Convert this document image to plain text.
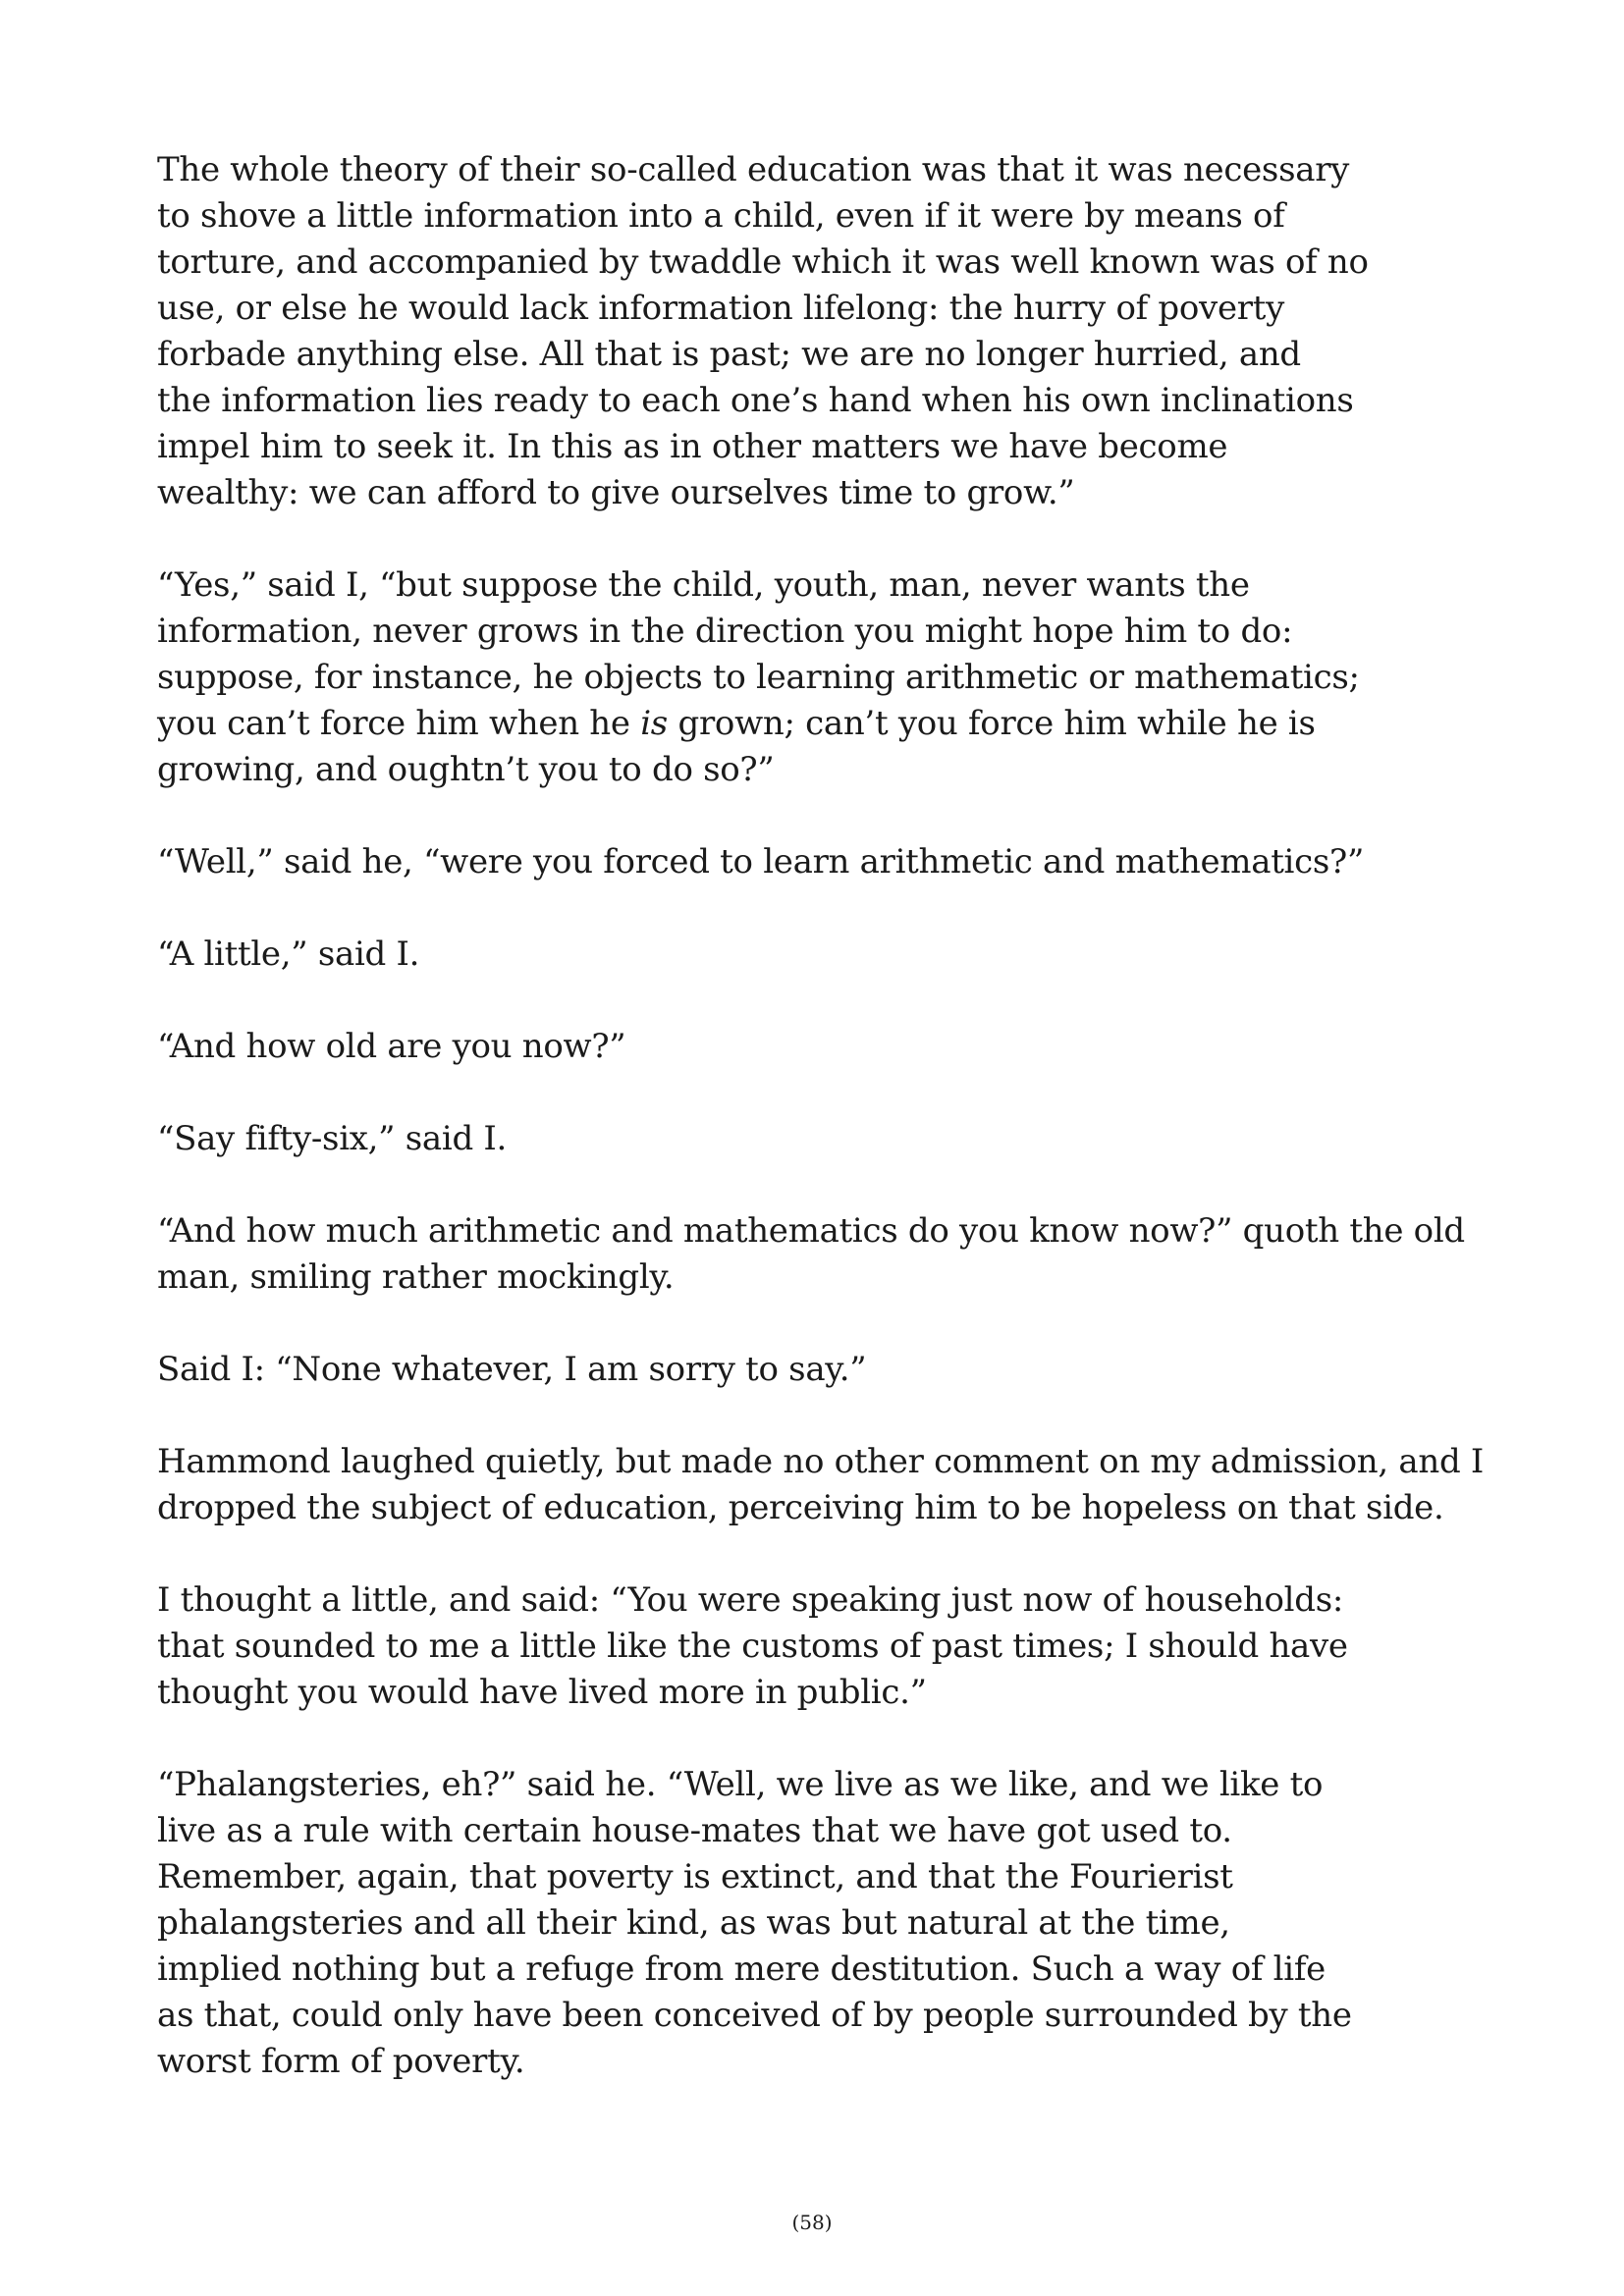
The whole theory of their so-called education was that it was necessary
to shove a little information into a child, even if it were by means of
torture, and accompanied by twaddle which it was well known was of no
use, or else he would lack information lifelong: the hurry of poverty
forbade anything else. All that is past; we are no longer hurried, and
the information lies ready to each one’s hand when his own inclinations
impel him to seek it. In this as in other matters we have become
wealthy: we can afford to give ourselves time to grow.”

“Yes,” said I, “but suppose the child, youth, man, never wants the
information, never grows in the direction you might hope him to do:
suppose, for instance, he objects to learning arithmetic or mathematics;
you can’t force him when he is grown; can’t you force him while he is
growing, and oughtn’t you to do so?”

“Well,” said he, “were you forced to learn arithmetic and mathematics?”

“A little,” said I.

“And how old are you now?”

“Say fifty-six,” said I.

“And how much arithmetic and mathematics do you know now?” quoth the old
man, smiling rather mockingly.

Said I: “None whatever, I am sorry to say.”

Hammond laughed quietly, but made no other comment on my admission, and I
dropped the subject of education, perceiving him to be hopeless on that side.

I thought a little, and said: “You were speaking just now of households:
that sounded to me a little like the customs of past times; I should have
thought you would have lived more in public.”

“Phalangsteries, eh?” said he. “Well, we live as we like, and we like to
live as a rule with certain house-mates that we have got used to.
Remember, again, that poverty is extinct, and that the Fourierist
phalangsteries and all their kind, as was but natural at the time,
implied nothing but a refuge from mere destitution. Such a way of life
as that, could only have been conceived of by people surrounded by the
worst form of poverty.

(58)
